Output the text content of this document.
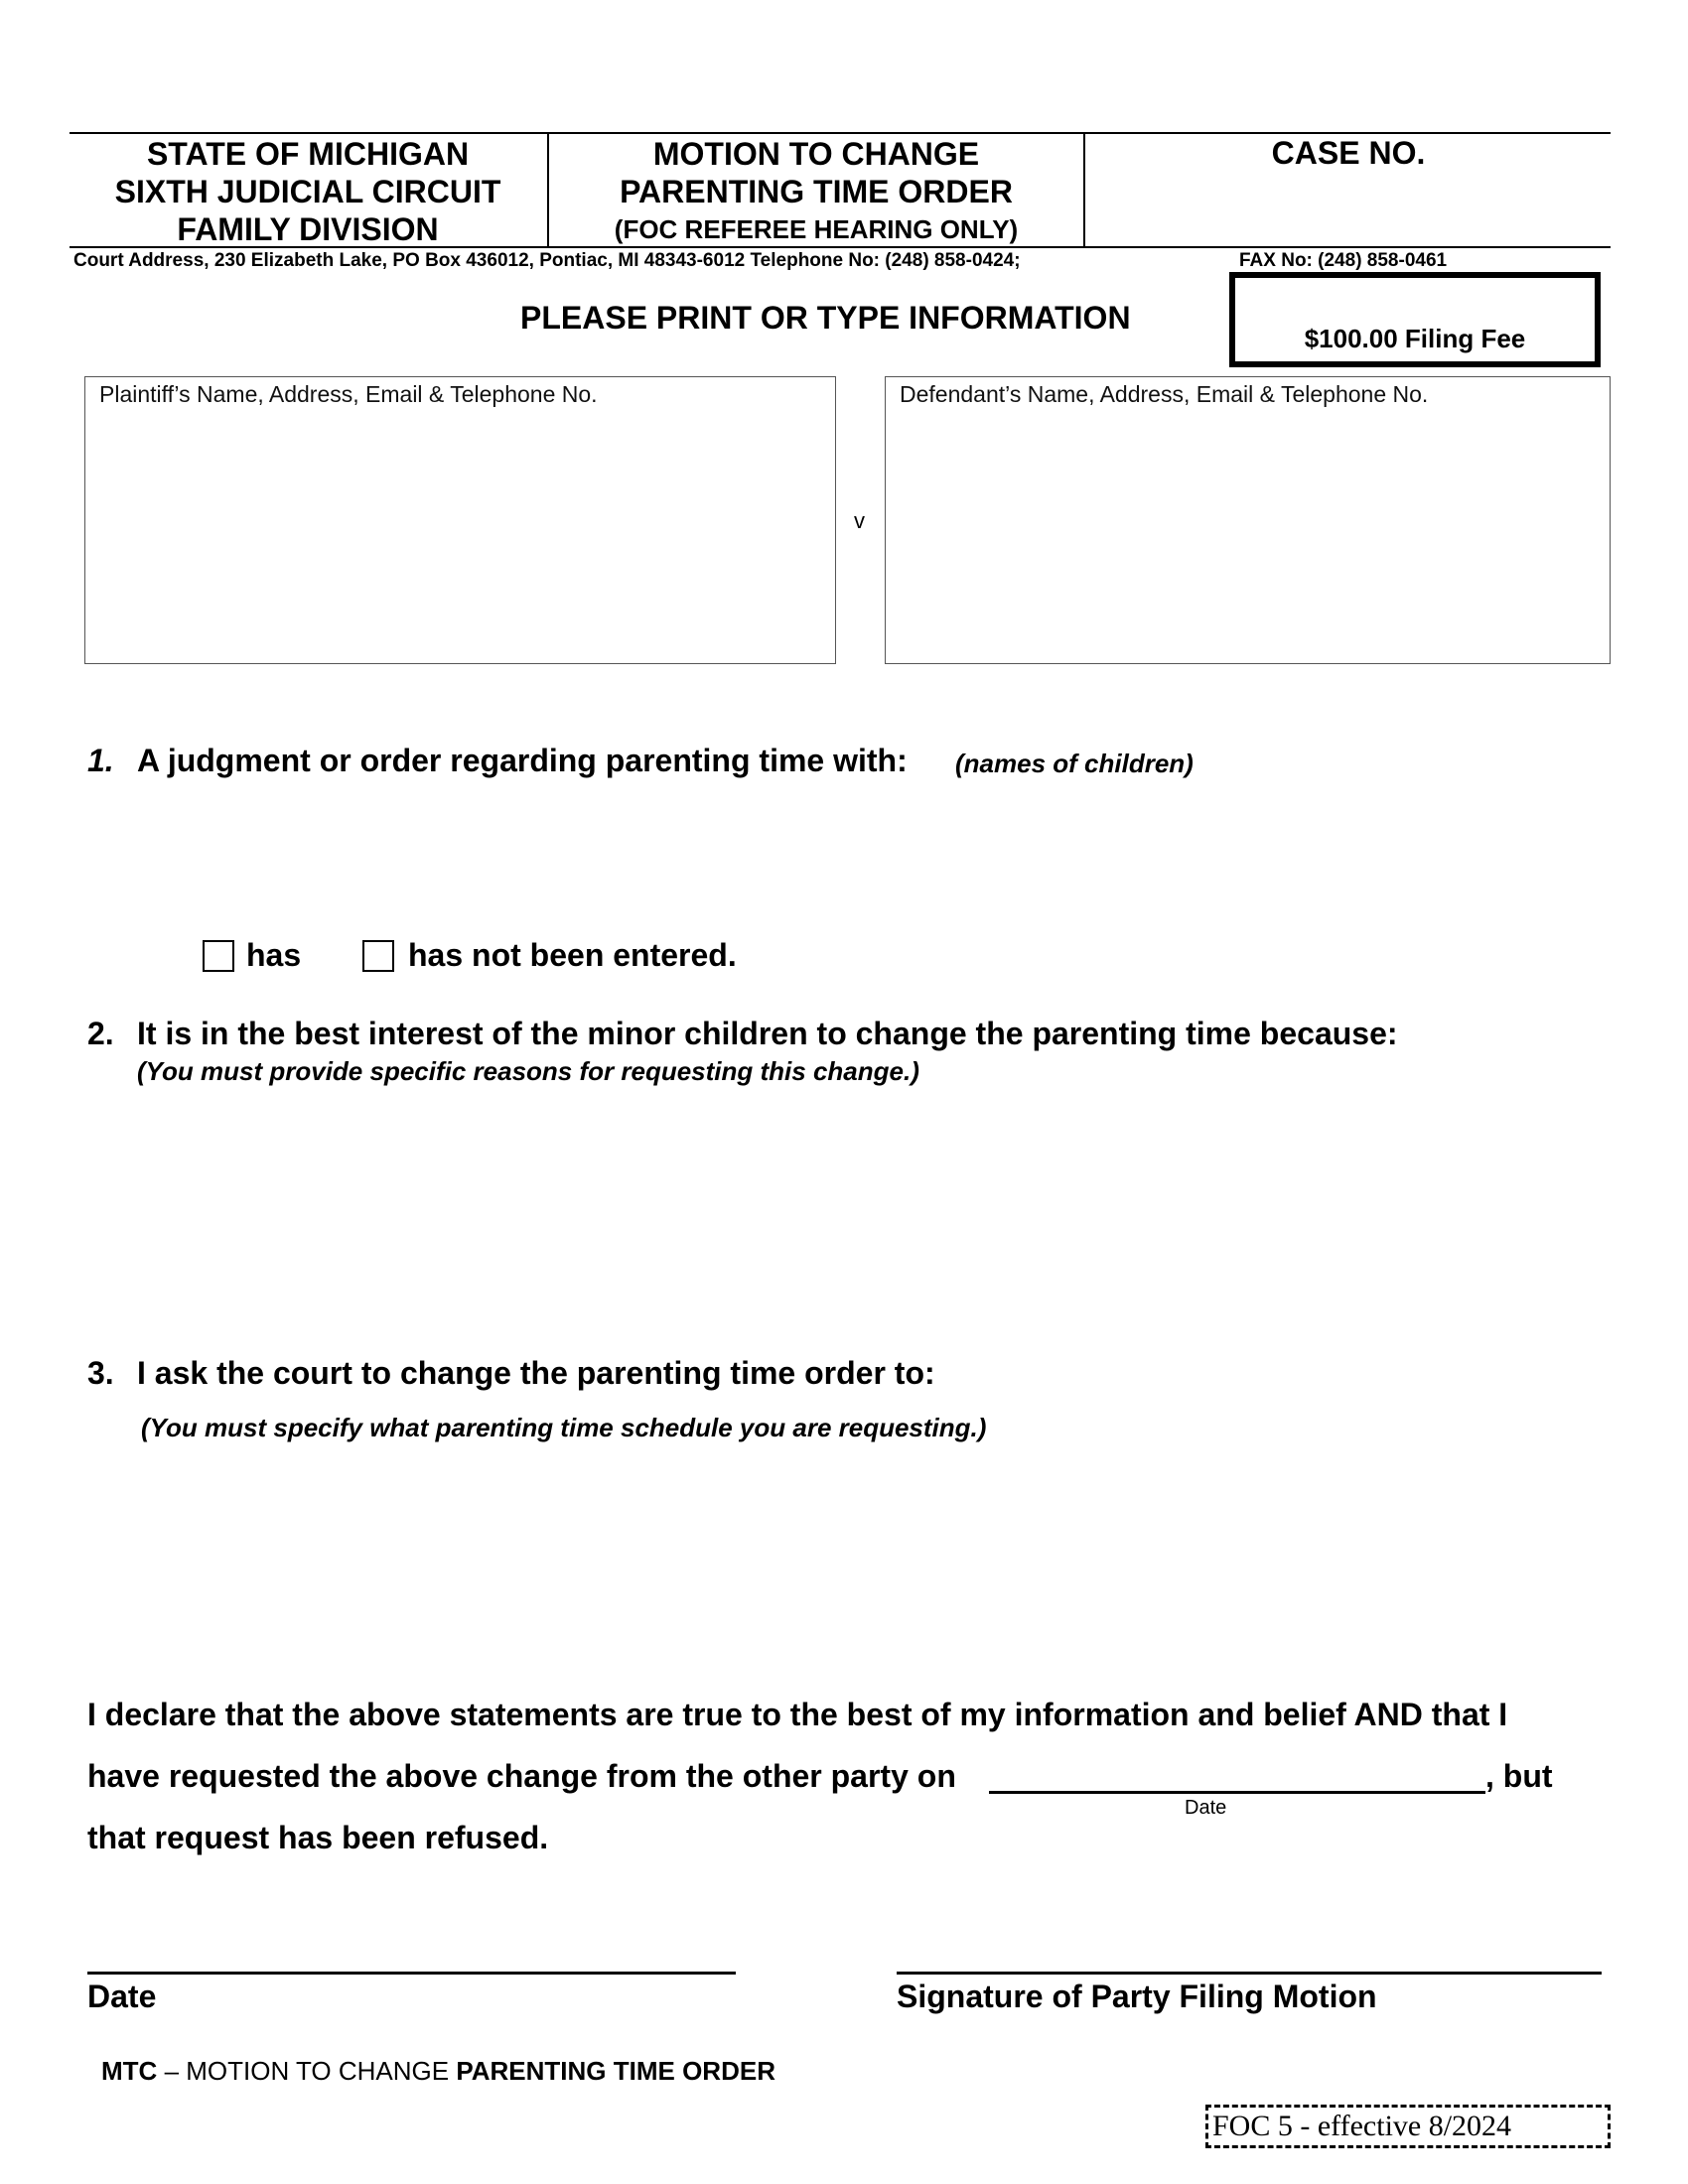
STATE OF MICHIGAN
SIXTH JUDICIAL CIRCUIT
FAMILY DIVISION
MOTION TO CHANGE
PARENTING TIME ORDER
(FOC REFEREE HEARING ONLY)
CASE NO.
Court Address, 230 Elizabeth Lake, PO Box 436012, Pontiac, MI 48343-6012 Telephone No: (248) 858-0424;	FAX No: (248) 858-0461
PLEASE PRINT OR TYPE INFORMATION
$100.00 Filing Fee
Plaintiff’s Name, Address, Email & Telephone No.
v
Defendant’s Name, Address, Email & Telephone No.
1. A judgment or order regarding parenting time with: (names of children)
has	has not been entered.
2. It is in the best interest of the minor children to change the parenting time because:
(You must provide specific reasons for requesting this change.)
3. I ask the court to change the parenting time order to:
(You must specify what parenting time schedule you are requesting.)
I declare that the above statements are true to the best of my information and belief AND that I
have requested the above change from the other party on	, but
Date
that request has been refused.
Date	Signature of Party Filing Motion
MTC – MOTION TO CHANGE PARENTING TIME ORDER
FOC 5 - effective 8/2024
